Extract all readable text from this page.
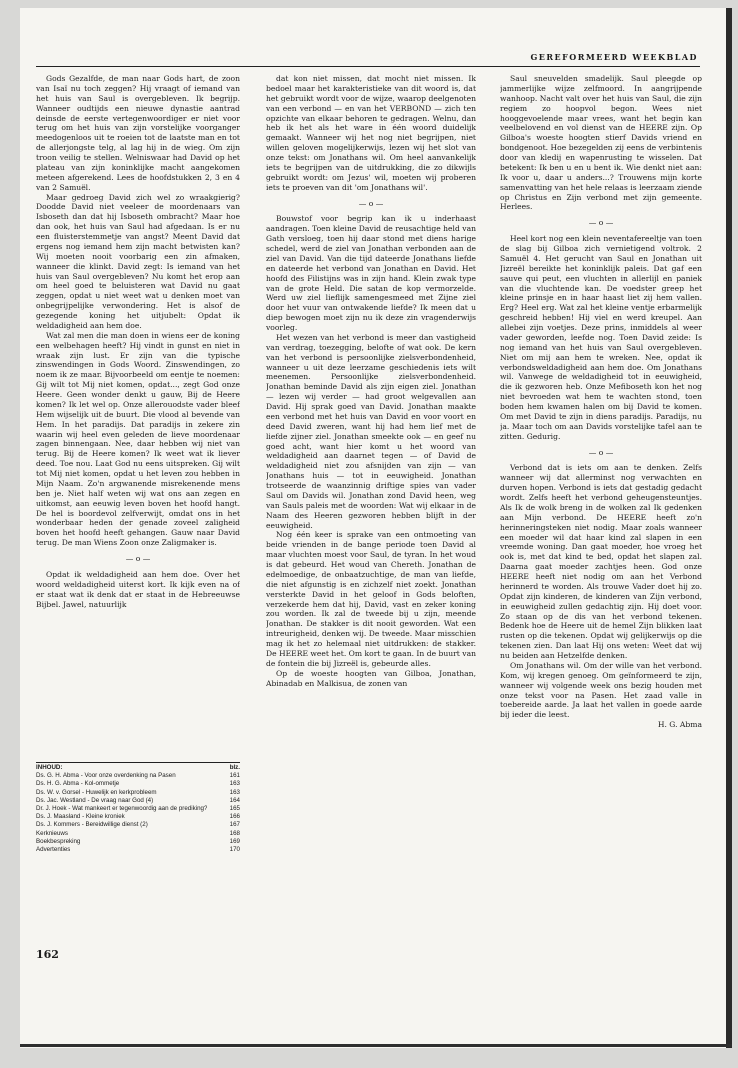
GEREFORMEERD WEEKBLAD

Gods Gezalfde, de man naar Gods hart, de zoon van Isaï nu toch zeggen? Hij vraagt of iemand van het huis van Saul is overgebleven. Ik begrijp. Wanneer oudtijds een nieuwe dynastie aantrad deinsde de eerste vertegenwoordiger er niet voor terug om het huis van zijn vorstelijke voorganger meedogenloos uit te roeien tot de laatste man en tot de allerjongste telg, al lag hij in de wieg. Om zijn troon veilig te stellen. Welniswaar had David op het plateau van zijn koninklijke macht aangekomen meteen afgerekend. Lees de hoofdstukken 2, 3 en 4 van 2 Samuël.

Maar gedroeg David zich wel zo wraakgierig? Doodde David niet veeleer de moordenaars van Isboseth dan dat hij Isboseth ombracht? Maar hoe dan ook, het huis van Saul had afgedaan. Is er nu een fluisterstemmetje van angst? Meent David dat ergens nog iemand hem zijn macht betwisten kan? Wij moeten nooit voorbarig een zin afmaken, wanneer die klinkt. David zegt: Is iemand van het huis van Saul overgebleven? Nu komt het erop aan om heel goed te beluisteren wat David nu gaat zeggen, opdat u niet weet wat u denken moet van onbegrijpelijke verwondering. Het is alsof de gezegende koning het uitjubelt: Opdat ik weldadigheid aan hem doe.

Wat zal men die man doen in wiens eer de koning een welbehagen heeft? Hij vindt in gunst en niet in wraak zijn lust. Er zijn van die typische zinswendingen in Gods Woord. Zinswendingen, zo noem ik ze maar. Bijvoorbeeld om eentje te noemen: Gij wilt tot Mij niet komen, opdat..., zegt God onze Heere. Geen wonder denkt u gauw, Bij de Heere komen? Ik let wel op. Onze allerouodste vader bleef Hem wijselijk uit de buurt. Die vlood al bevende van Hem. In het paradijs. Dat paradijs in zekere zin waarin wij heel even geleden de lieve moordenaar zagen binnengaan. Nee, daar hebben wij niet van terug. Bij de Heere komen? Ik weet wat ik liever deed. Toe nou. Laat God nu eens uitspreken. Gij wilt tot Mij niet komen, opdat u het leven zou hebben in Mijn Naam. Zo'n argwanende misrekenende mens ben je. Niet half weten wij wat ons aan zegen en uitkomst, aan eeuwig leven boven het hoofd hangt. De hel is boordevol zelfverwijt, omdat ons in het wonderbaar heden der genade zoveel zaligheid boven het hoofd heeft gehangen. Gauw naar David terug. De man Wiens Zoon onze Zaligmaker is.

— o —

Opdat ik weldadigheid aan hem doe. Over het woord weldadigheid uiterst kort. Ik kijk even na of er staat wat ik denk dat er staat in de Hebreeuwse Bijbel. Jawel, natuurlijk

INHOUD:	blz.
Ds. G. H. Abma - Voor onze overdenking na Pasen	161
Ds. H. G. Abma - Kol-ommetje	163
Ds. W. v. Gorsel - Huwelijk en kerkprobleem	163
Ds. Jac. Westland - De vraag naar God (4)	164
Dr. J. Hoek - Wat mankeert er tegenwoordig aan de prediking?	165
Ds. J. Maasland - Kleine kroniek	166
Ds. J. Kommers - Bereidwillige dienst (2)	167
Kerknieuws	168
Boekbespreking	169
Advertenties	170
162

dat kon niet missen, dat mocht niet missen. Ik bedoel maar het karakteristieke van dit woord is, dat het gebruikt wordt voor de wijze, waarop deelgenoten van een verbond — en van het VERBOND — zich ten opzichte van elkaar behoren te gedragen. Welnu, dan heb ik het als het ware in één woord duidelijk gemaakt. Wanneer wij het nog niet begrijpen, niet willen geloven mogelijkerwijs, lezen wij het slot van onze tekst: om Jonathans wil. Om heel aanvankelijk iets te begrijpen van de uitdrukking, die zo dikwijls gebruikt wordt: om Jezus' wil, moeten wij proberen iets te proeven van dit 'om Jonathans wil'.

— o —

Bouwstof voor begrip kan ik u inderhaast aandragen. Toen kleine David de reusachtige held van Gath versloeg, toen hij daar stond met diens harige schedel, werd de ziel van Jonathan verbonden aan de ziel van David. Van die tijd dateerde Jonathans liefde en dateerde het verbond van Jonathan en David. Het hoofd des Filistijns was in zijn hand. Klein zwak type van de grote Held. Die satan de kop vermorzelde. Werd uw ziel lieflijk samengesmeed met Zijne ziel door het vuur van ontwakende liefde? Ik meen dat u diep bewogen moet zijn nu ik deze zin vragenderwijs voorleg.

Het wezen van het verbond is meer dan vastigheid van verdrag, toezegging, belofte of wat ook. De kern van het verbond is persoonlijke zielsverbondenheid, wanneer u uit deze leerzame geschiedenis iets wilt meenemen. Persoonlijke zielsverbondenheid. Jonathan beminde David als zijn eigen ziel. Jonathan — lezen wij verder — had groot welgevallen aan David. Hij sprak goed van David. Jonathan maakte een verbond met het huis van David en voor voort en deed David zweren, want hij had hem lief met de liefde zijner ziel. Jonathan smeekte ook — en geef nu goed acht, want hier komt u het woord van weldadigheid aan daarnet tegen — of David de weldadigheid niet zou afsnijden van zijn — van Jonathans huis — tot in eeuwigheid. Jonathan trotseerde de waanzinnig driftige spies van vader Saul om Davids wil. Jonathan zond David heen, weg van Sauls paleis met de woorden: Wat wij elkaar in de Naam des Heeren gezworen hebben blijft in der eeuwigheid.

Nog één keer is sprake van een ontmoeting van beide vrienden in de bange periode toen David al maar vluchten moest voor Saul, de tyran. In het woud is dat gebeurd. Het woud van Chereth. Jonathan de edelmoedige, de onbaatzuchtige, de man van liefde, die niet afgunstig is en zichzelf niet zoekt. Jonathan versterkte David in het geloof in Gods beloften, verzekerde hem dat hij, David, vast en zeker koning zou worden. Ik zal de tweede bij u zijn, meende Jonathan. De stakker is dit nooit geworden. Wat een intreurigheid, denken wij. De tweede. Maar misschien mag ik het zo helemaal niet uitdrukken: de stakker. De HEERE weet het. Om kort te gaan. In de buurt van de fontein die bij Jizreël is, gebeurde alles.

Op de woeste hoogten van Gilboa, Jonathan, Abinadab en Malkisua, de zonen van

Saul sneuvelden smadelijk. Saul pleegde op jammerlijke wijze zelfmoord. In aangrijpende wanhoop. Nacht valt over het huis van Saul, die zijn regiem zo hoopvol begon. Wees niet hooggevoelende maar vrees, want het begin kan veelbelovend en vol dienst van de HEERE zijn. Op Gilboa's woeste hoogten stierf Davids vriend en bondgenoot. Hoe bezegelden zij eens de verbintenis door van kledij en wapenrusting te wisselen. Dat betekent: Ik ben u en u bent ik. Wie denkt niet aan: Ik voor u, daar u anders...? Trouwens mijn korte samenvatting van het hele relaas is leerzaam ziende op Christus en Zijn verbond met zijn gemeente. Herlees.

— o —

Heel kort nog een klein neventafereeltje van toen de slag bij Gilboa zich vernietigend voltrok. 2 Samuël 4. Het gerucht van Saul en Jonathan uit Jizreël bereikte het koninklijk paleis. Dat gaf een sauve qui peut, een vluchten in allerlijl en paniek van die vluchtende kan. De voedster greep het kleine prinsje en in haar haast liet zij hem vallen. Erg? Heel erg. Wat zal het kleine ventje erbarmelijk geschreid hebben! Hij viel en werd kreupel. Aan allebei zijn voetjes. Deze prins, inmiddels al weer vader geworden, leefde nog. Toen David zeide: Is nog iemand van het huis van Saul overgebleven. Niet om mij aan hem te wreken. Nee, opdat ik verbondsweldadigheid aan hem doe. Om Jonathans wil. Vanwege de weldadigheid tot in eeuwigheid, die ik gezworen heb. Onze Mefiboseth kon het nog niet bevroeden wat hem te wachten stond, toen boden hem kwamen halen om bij David te komen. Om met David te zijn in diens paradijs. Paradijs, nu ja. Maar toch om aan Davids vorstelijke tafel aan te zitten. Gedurig.

— o —

Verbond dat is iets om aan te denken. Zelfs wanneer wij dat allerminst nog verwachten en durven hopen. Verbond is iets dat gestadig gedacht wordt. Zelfs heeft het verbond geheugensteuntjes. Als Ik de wolk breng in de wolken zal Ik gedenken aan Mijn verbond. De HEERE heeft zo'n herinneringsteken niet nodig. Maar zoals wanneer een moeder wil dat haar kind zal slapen in een vreemde woning. Dan gaat moeder, hoe vroeg het ook is, met dat kind te bed, opdat het slapen zal. Daarna gaat moeder zachtjes heen. God onze HEERE heeft niet nodig om aan het Verbond herinnerd te worden. Als trouwe Vader doet hij zo. Opdat zijn kinderen, de kinderen van Zijn verbond, in eeuwigheid zullen gedachtig zijn. Hij doet voor. Zo staan op de dis van het verbond tekenen. Bedenk hoe de Heere uit de hemel Zijn blikken laat rusten op die tekenen. Opdat wij gelijkerwijs op die tekenen zien. Dan laat Hij ons weten: Weet dat wij nu beiden aan Hetzelfde denken.

Om Jonathans wil. Om der wille van het verbond. Kom, wij kregen genoeg. Om geïnformeerd te zijn, wanneer wij volgende week ons bezig houden met onze tekst voor na Pasen. Het zaad valle in toebereide aarde. Ja laat het vallen in goede aarde bij ieder die leest.

H. G. Abma
